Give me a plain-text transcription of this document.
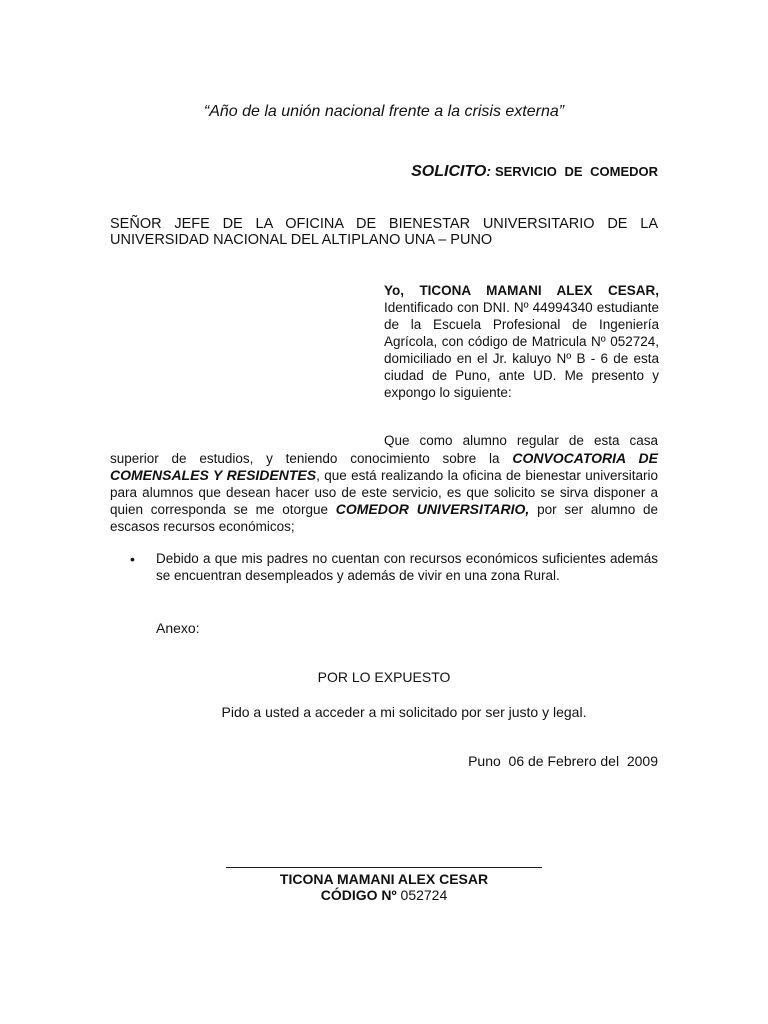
“Año de la unión nacional frente a la crisis externa”
SOLICITO: SERVICIO DE COMEDOR
SEÑOR JEFE DE LA OFICINA DE BIENESTAR UNIVERSITARIO DE LA
UNIVERSIDAD NACIONAL DEL ALTIPLANO UNA – PUNO
Yo, TICONA MAMANI ALEX CESAR,
Identificado con DNI. Nº 44994340 estudiante de la Escuela Profesional de Ingeniería Agrícola, con código de Matricula Nº 052724, domiciliado en el Jr. kaluyo Nº B - 6 de esta ciudad de Puno, ante UD. Me presento y expongo lo siguiente:
Que como alumno regular de esta casa superior de estudios, y teniendo conocimiento sobre la CONVOCATORIA DE COMENSALES Y RESIDENTES, que está realizando la oficina de bienestar universitario para alumnos que desean hacer uso de este servicio, es que solicito se sirva disponer a quien corresponda se me otorgue COMEDOR UNIVERSITARIO, por ser alumno de escasos recursos económicos;
• Debido a que mis padres no cuentan con recursos económicos suficientes además se encuentran desempleados y además de vivir en una zona Rural.
Anexo:
POR LO EXPUESTO
Pido a usted a acceder a mi solicitado por ser justo y legal.
Puno  06 de Febrero del  2009
TICONA MAMANI ALEX CESAR
CÓDIGO Nº 052724
